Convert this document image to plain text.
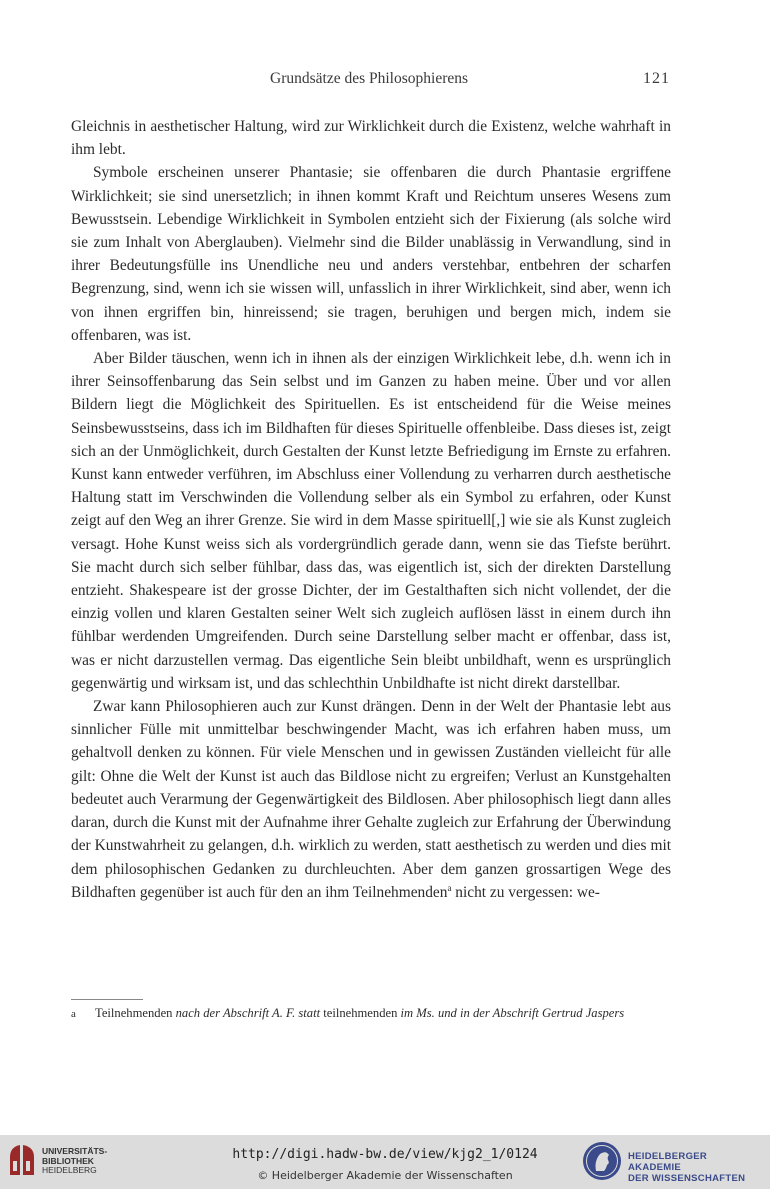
Grundsätze des Philosophierens	121

Gleichnis in aesthetischer Haltung, wird zur Wirklichkeit durch die Existenz, welche wahrhaft in ihm lebt.

Symbole erscheinen unserer Phantasie; sie offenbaren die durch Phantasie ergriffene Wirklichkeit; sie sind unersetzlich; in ihnen kommt Kraft und Reichtum unseres Wesens zum Bewusstsein. Lebendige Wirklichkeit in Symbolen entzieht sich der Fixierung (als solche wird sie zum Inhalt von Aberglauben). Vielmehr sind die Bilder unablässig in Verwandlung, sind in ihrer Bedeutungsfülle ins Unendliche neu und anders verstehbar, entbehren der scharfen Begrenzung, sind, wenn ich sie wissen will, unfasslich in ihrer Wirklichkeit, sind aber, wenn ich von ihnen ergriffen bin, hinreissend; sie tragen, beruhigen und bergen mich, indem sie offenbaren, was ist.

Aber Bilder täuschen, wenn ich in ihnen als der einzigen Wirklichkeit lebe, d.h. wenn ich in ihrer Seinsoffenbarung das Sein selbst und im Ganzen zu haben meine. Über und vor allen Bildern liegt die Möglichkeit des Spirituellen. Es ist entscheidend für die Weise meines Seinsbewusstseins, dass ich im Bildhaften für dieses Spirituelle offenbleibe. Dass dieses ist, zeigt sich an der Unmöglichkeit, durch Gestalten der Kunst letzte Befriedigung im Ernste zu erfahren. Kunst kann entweder verführen, im Abschluss einer Vollendung zu verharren durch aesthetische Haltung statt im Verschwinden die Vollendung selber als ein Symbol zu erfahren, oder Kunst zeigt auf den Weg an ihrer Grenze. Sie wird in dem Masse spirituell[,] wie sie als Kunst zugleich versagt. Hohe Kunst weiss sich als vordergründlich gerade dann, wenn sie das Tiefste berührt. Sie macht durch sich selber fühlbar, dass das, was eigentlich ist, sich der direkten Darstellung entzieht. Shakespeare ist der grosse Dichter, der im Gestalthaften sich nicht vollendet, der die einzig vollen und klaren Gestalten seiner Welt sich zugleich auflösen lässt in einem durch ihn fühlbar werdenden Umgreifenden. Durch seine Darstellung selber macht er offenbar, dass ist, was er nicht darzustellen vermag. Das eigentliche Sein bleibt unbildhaft, wenn es ursprünglich gegenwärtig und wirksam ist, und das schlechthin Unbildhafte ist nicht direkt darstellbar.

Zwar kann Philosophieren auch zur Kunst drängen. Denn in der Welt der Phantasie lebt aus sinnlicher Fülle mit unmittelbar beschwingender Macht, was ich erfahren haben muss, um gehaltvoll denken zu können. Für viele Menschen und in gewissen Zuständen vielleicht für alle gilt: Ohne die Welt der Kunst ist auch das Bildlose nicht zu ergreifen; Verlust an Kunstgehalten bedeutet auch Verarmung der Gegenwärtigkeit des Bildlosen. Aber philosophisch liegt dann alles daran, durch die Kunst mit der Aufnahme ihrer Gehalte zugleich zur Erfahrung der Überwindung der Kunstwahrheit zu gelangen, d.h. wirklich zu werden, statt aesthetisch zu werden und dies mit dem philosophischen Gedanken zu durchleuchten. Aber dem ganzen grossartigen Wege des Bildhaften gegenüber ist auch für den an ihm Teilnehmenden$^a$ nicht zu vergessen: we-

a Teilnehmenden nach der Abschrift A. F. statt teilnehmenden im Ms. und in der Abschrift Gertrud Jaspers
UNIVERSITÄTS-
BIBLIOTHEK
HEIDELBERG
http://digi.hadw-bw.de/view/kjg2_1/0124
© Heidelberger Akademie der Wissenschaften
HEIDELBERGER AKADEMIE
DER WISSENSCHAFTEN
